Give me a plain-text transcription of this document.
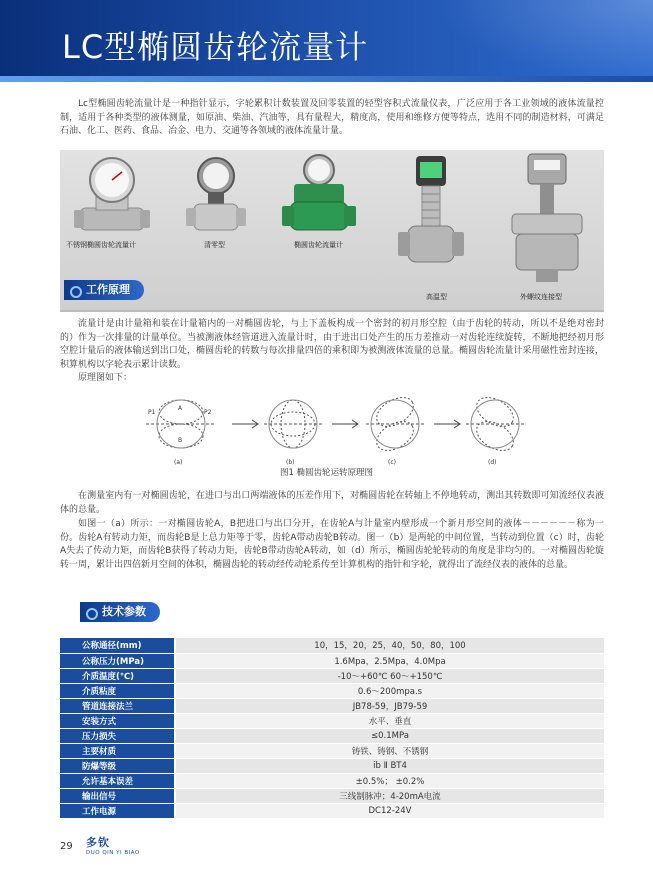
LC型椭圆齿轮流量计

Lc型椭圆齿轮流量计是一种指针显示，字轮累积计数装置及回零装置的轻型容积式流量仪表，广泛应用于各工业领域的液体流量控制，适用于各种类型的液体测量，如原油、柴油、汽油等，具有量程大，精度高，使用和维修方便等特点，选用不同的制造材料，可满足石油、化工、医药、食品、冶金、电力、交通等各领域的液体流量计量。

不锈钢椭圆齿轮流量计	清零型	椭圆齿轮流量计
高温型	外螺纹连接型
工作原理

流量计是由计量箱和装在计量箱内的一对椭圆齿轮，与上下盖板构成一个密封的初月形空腔（由于齿轮的转动，所以不是绝对密封的）作为一次排量的计量单位。当被测液体经管道进入流量计时，由于进出口处产生的压力差推动一对齿轮连续旋转，不断地把经初月形空腔计量后的液体输送到出口处，椭圆齿轮的转数与每次排量四倍的乘积即为被测液体流量的总量。椭圆齿轮流量计采用磁性密封连接，积算机构以字轮表示累计读数。

原理图如下：

P1	P2
A
B
(a)	(b)	(c)	(d)
图1 椭圆齿轮运转原理图

在测量室内有一对椭圆齿轮，在进口与出口两端液体的压差作用下，对椭圆齿轮在转轴上不停地转动，测出其转数即可知流经仪表液体的总量。

如图一（a）所示：一对椭圆齿轮A，B把进口与出口分开，在齿轮A与计量室内壁形成一个新月形空间的液体－－－－－－称为一份。齿轮A有转动力矩，而齿轮B是上总力矩等于零，齿轮A带动齿轮B转动。图一（b）是两轮的中间位置，当转动到位置（c）时，齿轮A失去了传动力矩，而齿轮B获得了转动力矩，齿轮B带动齿轮A转动，如（d）所示，椭圆齿轮轮转动的角度是非均匀的。一对椭圆齿轮旋转一周，累计出四倍新月空间的体积，椭圆齿轮的转动经传动轮系传至计算机构的指针和字轮，就得出了流经仪表的液体的总量。

技术参数
公称通径(mm)	10，15，20，25，40，50，80，100
公称压力(MPa)	1.6Mpa，2.5Mpa，4.0Mpa
介质温度(℃)	-10～+60℃ 60～+150℃
介质粘度	0.6～200mpa.s
管道连接法兰	JB78-59，JB79-59
安装方式	水平、垂直
压力损失	≤0.1MPa
主要材质	铸铁、铸钢、不锈钢
防爆等级	ib Ⅱ BT4
允许基本误差	±0.5%； ±0.2%
输出信号	三线制脉冲；4-20mA电流
工作电源	DC12-24V
29 多钦
DUO QIN YI BIAO
